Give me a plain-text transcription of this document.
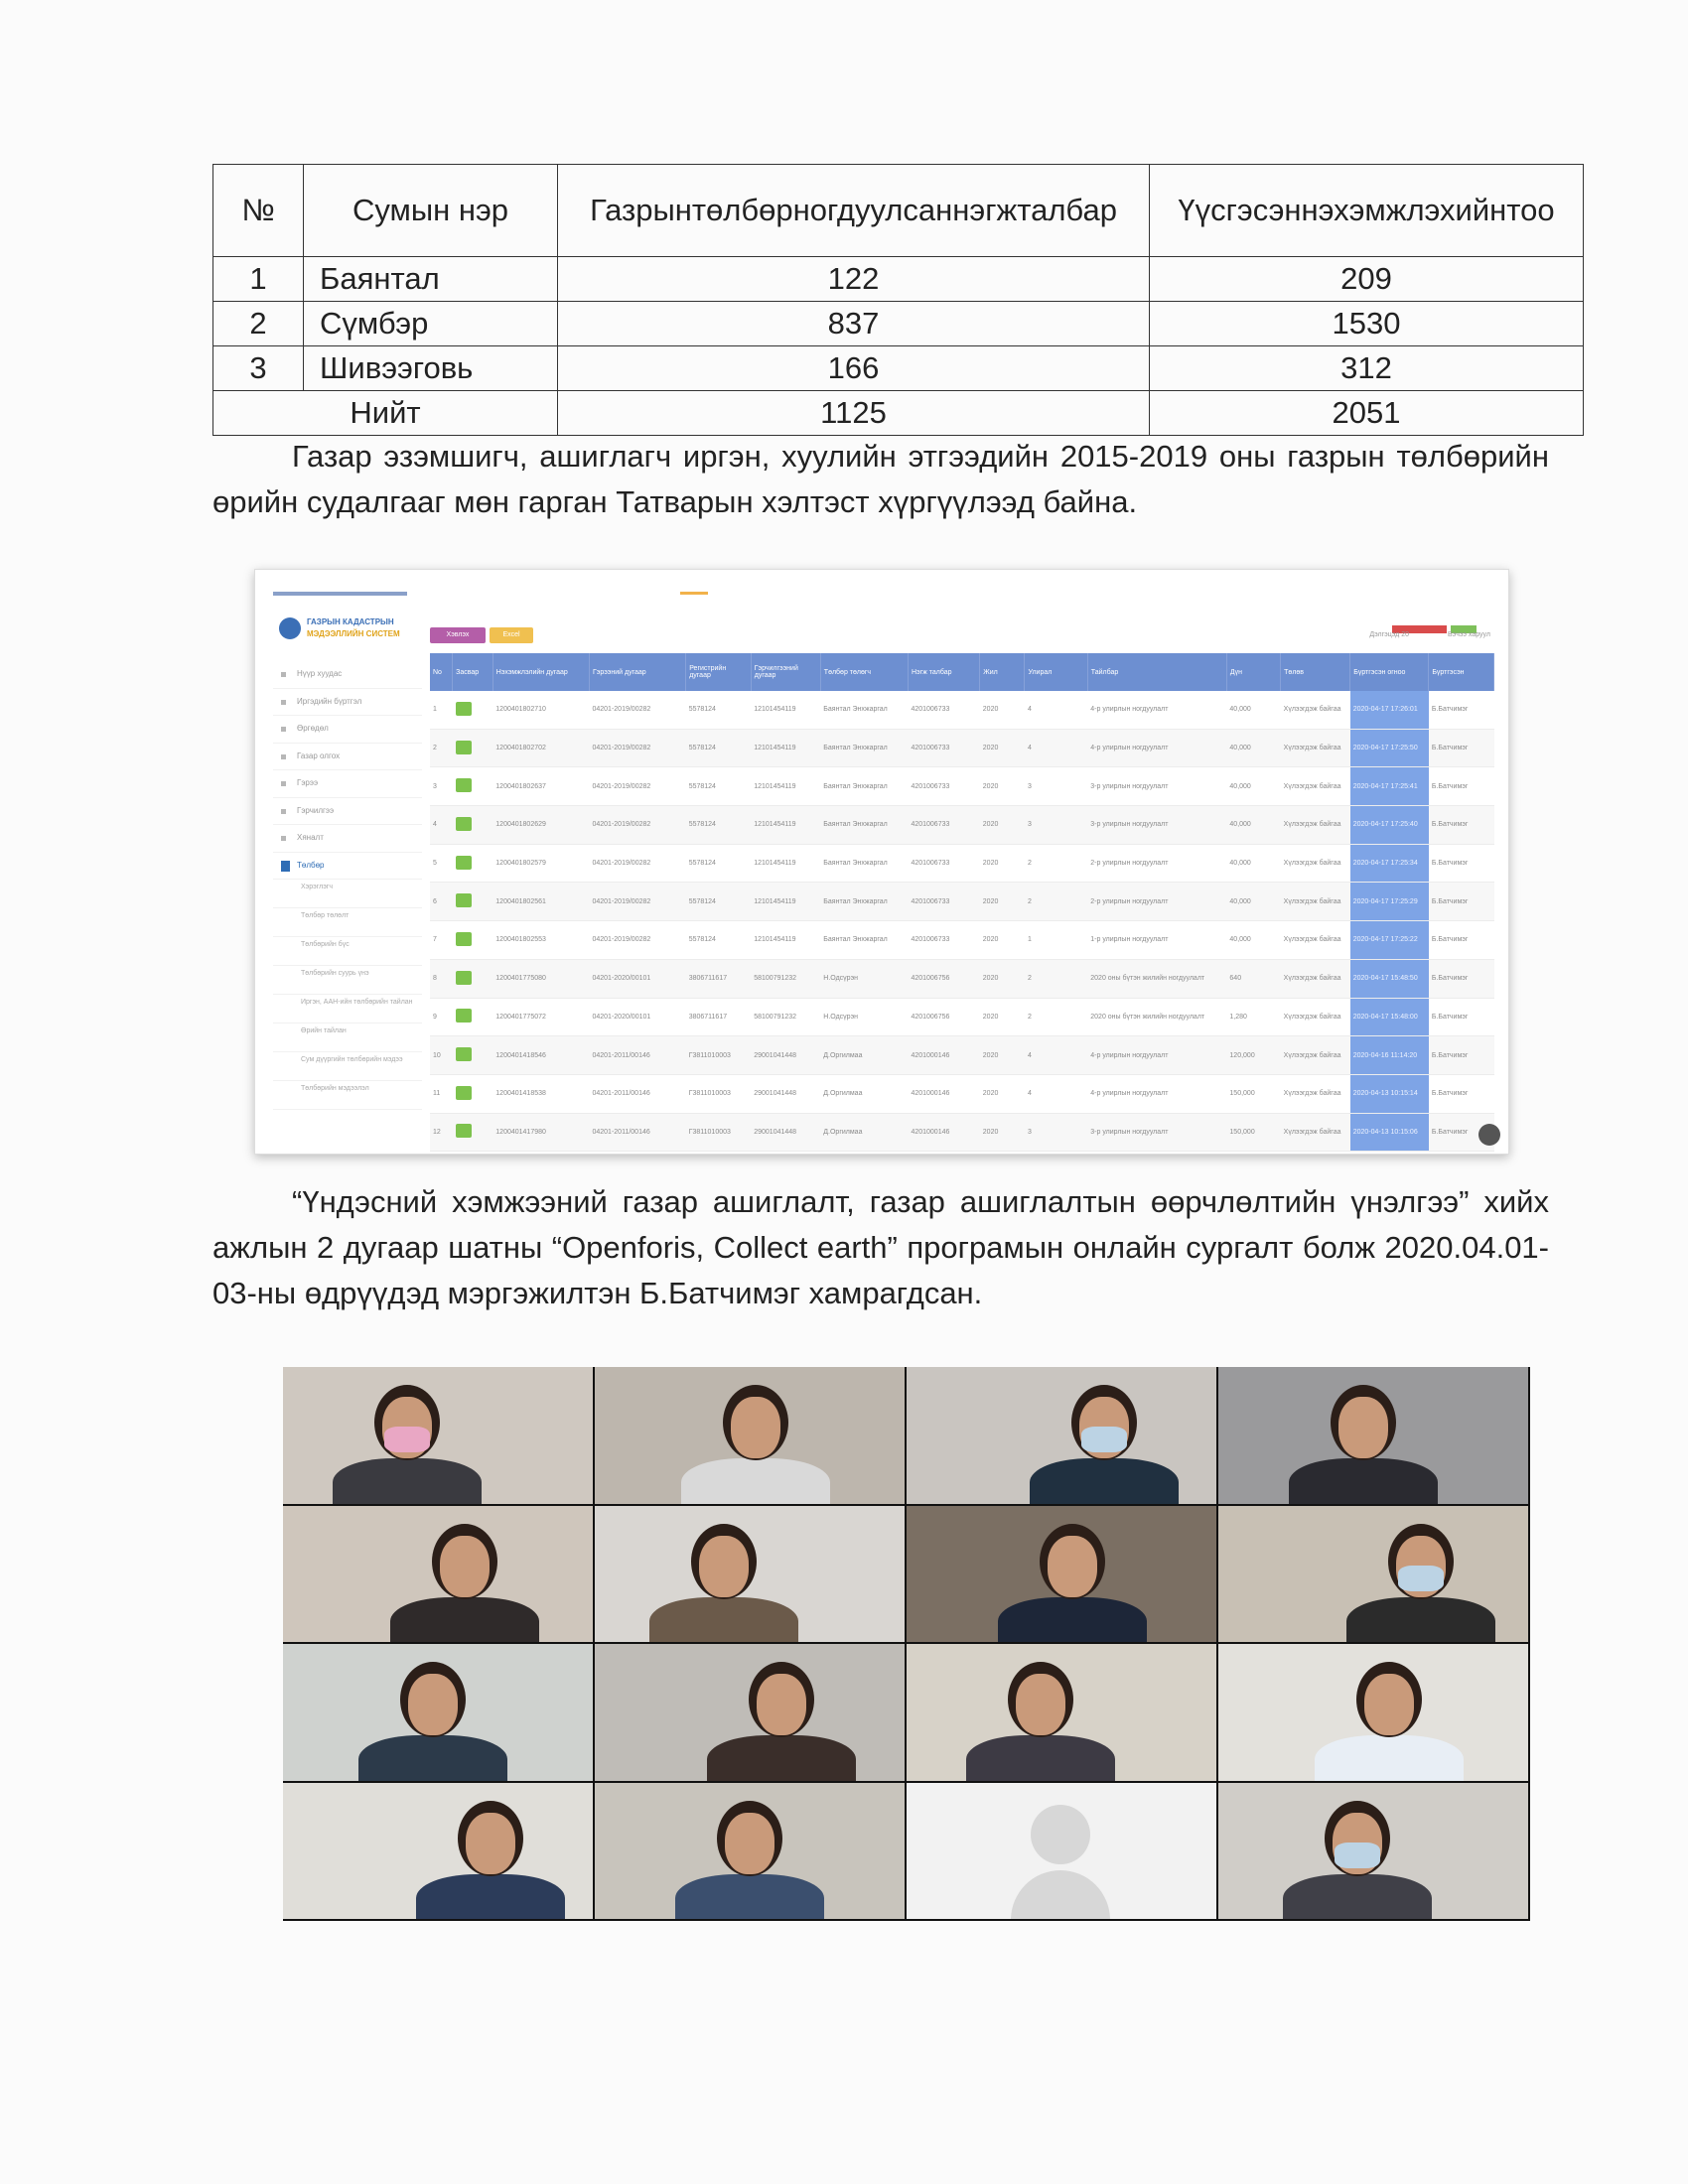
№	Сумын нэр	Газрынтөлбөрногдуулсаннэгжталбар	Үүсгэсэннэхэмжлэхийнтоо
1	Баянтал	122	209
2	Сүмбэр	837	1530
3	Шивээговь	166	312
Нийт		1125	2051
Газар эзэмшигч, ашиглагч иргэн, хуулийн этгээдийн 2015-2019 оны газрын төлбөрийн өрийн судалгааг мөн гарган Татварын хэлтэст хүргүүлээд байна.
ГАЗРЫН КАДАСТРЫН
МЭДЭЭЛЛИЙН СИСТЕМ
Нүүр хуудас
Иргэдийн бүртгэл
Өргөдөл
Газар олгох
Гэрээ
Гэрчилгээ
Хяналт
Төлбөр
Хэрэглэгч
Төлбөр төлөлт
Төлбөрийн бүс
Төлбөрийн суурь үнэ
Иргэн, ААН-ийн төлбөрийн тайлан
Өрийн тайлан
Сум дүүргийн төлбөрийн мэдээ
Төлбөрийн мэдээлэл
Хэвлэх	Excel	Дэлгэцэд 20	Вэчээ харуул
No	Засвар	Нэхэмжлэлийн дугаар	Гэрээний дугаар	Регистрийн дугаар	Гэрчилгээний дугаар	Төлбөр төлөгч	Нэгж талбар	Жил	Улирал	Тайлбар	Дүн	Төлөв	Бүртгэсэн огноо	Бүртгэсэн
1		1200401802710	04201-2019/00282	5578124	12101454119	Баянтал Энхжаргал	4201006733	2020	4	4-р улирлын ногдуулалт	40,000	Хүлээгдэж байгаа	2020-04-17 17:26:01	Б.Батчимэг
2		1200401802702	04201-2019/00282	5578124	12101454119	Баянтал Энхжаргал	4201006733	2020	4	4-р улирлын ногдуулалт	40,000	Хүлээгдэж байгаа	2020-04-17 17:25:50	Б.Батчимэг
3		1200401802637	04201-2019/00282	5578124	12101454119	Баянтал Энхжаргал	4201006733	2020	3	3-р улирлын ногдуулалт	40,000	Хүлээгдэж байгаа	2020-04-17 17:25:41	Б.Батчимэг
4		1200401802629	04201-2019/00282	5578124	12101454119	Баянтал Энхжаргал	4201006733	2020	3	3-р улирлын ногдуулалт	40,000	Хүлээгдэж байгаа	2020-04-17 17:25:40	Б.Батчимэг
5		1200401802579	04201-2019/00282	5578124	12101454119	Баянтал Энхжаргал	4201006733	2020	2	2-р улирлын ногдуулалт	40,000	Хүлээгдэж байгаа	2020-04-17 17:25:34	Б.Батчимэг
6		1200401802561	04201-2019/00282	5578124	12101454119	Баянтал Энхжаргал	4201006733	2020	2	2-р улирлын ногдуулалт	40,000	Хүлээгдэж байгаа	2020-04-17 17:25:29	Б.Батчимэг
7		1200401802553	04201-2019/00282	5578124	12101454119	Баянтал Энхжаргал	4201006733	2020	1	1-р улирлын ногдуулалт	40,000	Хүлээгдэж байгаа	2020-04-17 17:25:22	Б.Батчимэг
8		1200401775080	04201-2020/00101	3806711617	58100791232	Н.Одсүрэн	4201006756	2020	2	2020 оны бүтэн жилийн ногдуулалт	640	Хүлээгдэж байгаа	2020-04-17 15:48:50	Б.Батчимэг
9		1200401775072	04201-2020/00101	3806711617	58100791232	Н.Одсүрэн	4201006756	2020	2	2020 оны бүтэн жилийн ногдуулалт	1,280	Хүлээгдэж байгаа	2020-04-17 15:48:00	Б.Батчимэг
10		1200401418546	04201-2011/00146	Г3811010003	29001041448	Д.Оргилмаа	4201000146	2020	4	4-р улирлын ногдуулалт	120,000	Хүлээгдэж байгаа	2020-04-16 11:14:20	Б.Батчимэг
11		1200401418538	04201-2011/00146	Г3811010003	29001041448	Д.Оргилмаа	4201000146	2020	4	4-р улирлын ногдуулалт	150,000	Хүлээгдэж байгаа	2020-04-13 10:15:14	Б.Батчимэг
12		1200401417980	04201-2011/00146	Г3811010003	29001041448	Д.Оргилмаа	4201000146	2020	3	3-р улирлын ногдуулалт	150,000	Хүлээгдэж байгаа	2020-04-13 10:15:06	Б.Батчимэг
“Үндэсний хэмжээний газар ашиглалт, газар ашиглалтын өөрчлөлтийн үнэлгээ” хийх ажлын 2 дугаар шатны “Openforis, Collect earth” програмын онлайн сургалт болж 2020.04.01-03-ны өдрүүдэд мэргэжилтэн Б.Батчимэг хамрагдсан.
